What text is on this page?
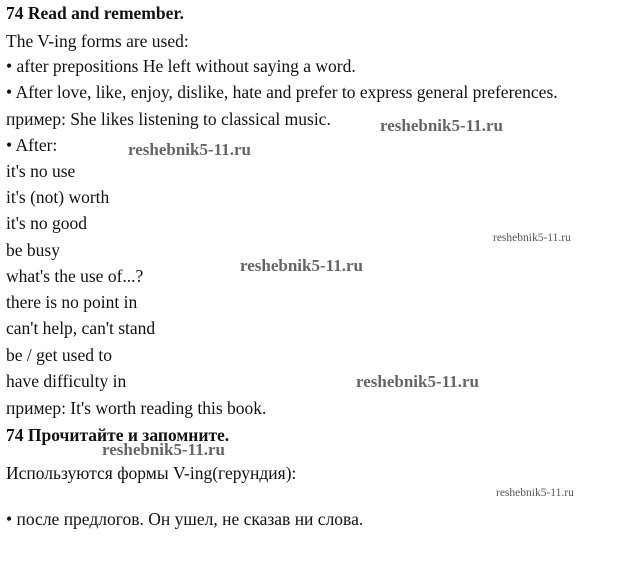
74 Read and remember.
The V-ing forms are used:
• after prepositions He left without saying a word.
• After love, like, enjoy, dislike, hate and prefer to express general preferences.
пример: She likes listening to classical music.
• After:
it's no use
it's (not) worth
it's no good
be busy
what's the use of...?
there is no point in
can't help, can't stand
be / get used to
have difficulty in
пример: It's worth reading this book.
74 Прочитайте и запомните.
Используются формы V-ing(герундия):
• после предлогов. Он ушел, не сказав ни слова.
reshebnik5-11.ru
reshebnik5-11.ru
reshebnik5-11.ru
reshebnik5-11.ru
reshebnik5-11.ru
reshebnik5-11.ru
reshebnik5-11.ru
